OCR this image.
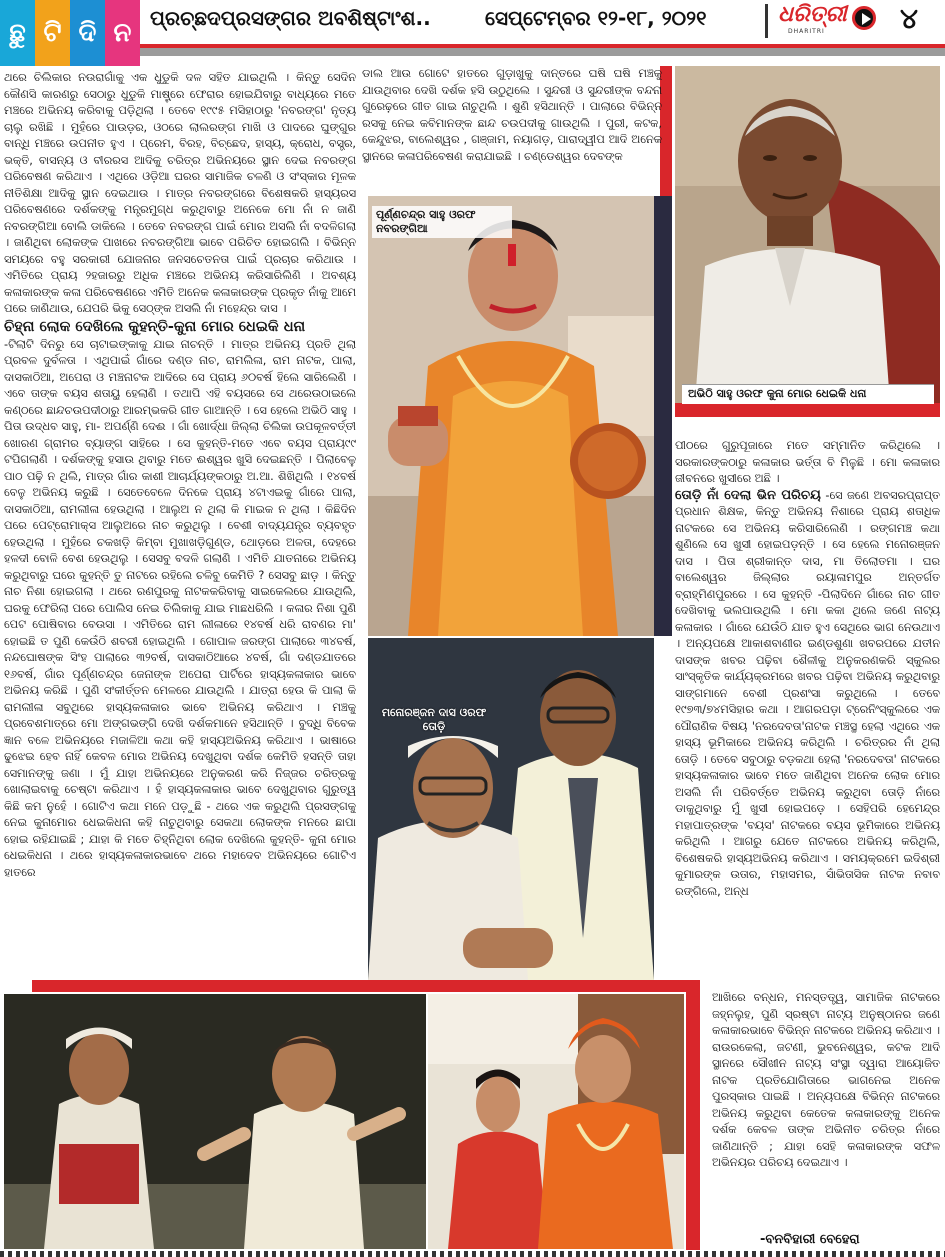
ଛୁ ଟି ଦି ନ ପ୍ରଚ୍ଛଦପ୍ରସଙ୍ଗର ଅବଶିଷ୍ଟାଂଶ..	ସେପ୍ଟେମ୍ବର ୧୨-୧୮, ୨୦୨୧	ଧରିତ୍ରୀ
DHARITRI	୪

ଥରେ ଚିଲିକାର ନଉରାଗାଁକୁ ଏକ ଧୁଡୁକି ଦଳ ସହିତ ଯାଇଥିଲି । କିନ୍ତୁ ସେଦିନ କୌଣସି କାରଣରୁ ସେଠାରୁ ଧୁଡୁକି ମାଷ୍ଟ୍ରେ ଫେରାର ହୋଇଯିବାରୁ ବାଧ୍ୟରେ ମତେ ମଞ୍ଚରେ ଅଭିନୟ କରିବାକୁ ପଡ଼ିଥିଲା । ତେବେ ୧୯୯୫ ମସିହାଠାରୁ 'ନବରଙ୍ଗ' ନୃତ୍ୟ ଚାଲୁ ରଖିଛି । ମୁହଁରେ ପାଉଡ଼ର, ଓଠରେ ଲାଲରଙ୍ଗ ମାଖି ଓ ପାଦରେ ଘୁଙ୍ଗୁର ବାନ୍ଧି ମଞ୍ଚରେ ଉପନୀତ ହୁଏ । ପ୍ରେମ, ବିରହ, ବିଚ୍ଛେଦ, ହାସ୍ୟ, କ୍ରୋଧ, ବସ୍ତ୍ର, ଭକ୍ତି, ବାସନ୍ୟ ଓ ବୀରରସ ଆଦିକୁ ଚରିତ୍ର ଅଭିନୟରେ ସ୍ଥାନ ଦେଇ ନବରଙ୍ଗ ପରିବେଷଣ କରିଥାଏ । ଏଥିରେ ଓଡ଼ିଆ ଘରର ସାମାଜିକ ଚଳଣି ଓ ସଂସ୍କାର ମୂଳକ ନୀତିଶିକ୍ଷା ଆଦିକୁ ସ୍ଥାନ ଦେଇଥାଉ । ମାତ୍ର ନବରଙ୍ଗରେ ବିଶେଷକରି ହାସ୍ୟରସ ପରିବେଷଣରେ ଦର୍ଶକଙ୍କୁ ମନ୍ତ୍ରମୁଗ୍ଧ କରୁଥିବାରୁ ଅନେକେ ମୋ ନାଁ ନ ଜାଣି ନବରଙ୍ଗିଆ ବୋଲି ଡାକିଲେ । ତେବେ ନବରଙ୍ଗ ପାଇଁ ମୋର ଅସଲି ନାଁ ବଦଳିଗଲା । ଜାଣିଥିବା ଲୋକଙ୍କ ପାଖରେ ନବରଙ୍ଗିଆ ଭାବେ ପରିଚିତ ହୋଇଗଲି । ବିଭିନ୍ନ ସମୟରେ ବହୁ ସରକାରୀ ଯୋଜନାର ଜନସଚେତନତା ପାଇଁ ପ୍ରଚାର କରିଥାଉ । ଏମିତିରେ ପ୍ରାୟ ୨ହଜାରରୁ ଅଧିକ ମଞ୍ଚରେ ଅଭିନୟ କରିସାରିଲିଣି । ଅବଶ୍ୟ କଳାକାରଙ୍କ କଳା ପରିବେଷଣରେ ଏମିତି ଅନେକ କଳାକାରଙ୍କ ପ୍ରକୃତ ନାଁକୁ ଆମେ ପରେ ଜାଣିଥାଉ, ଯେପରି ଭିକୁ ସେଠ୍ଙ୍କ ଅସଲି ନାଁ ମହେନ୍ଦ୍ର ଦାସ ।

ଚିହ୍ନା ଲୋକ ଦେଖିଲେ କୁହନ୍ତି-କୁନା ମୋର ଧେଇକି ଧନା

-ଟିଲାଟି ଦିନରୁ ସେ ଚାଟାଇଙ୍କାକୁ ଯାଇ ନାଚନ୍ତି । ମାତ୍ର ଅଭିନୟ ପ୍ରତି ଥିଲା ପ୍ରବଳ ଦୁର୍ବଳତା । ଏଥିପାଇଁ ଗାଁରେ ଦଣ୍ଡ ନାଚ, ରାମଲିଳା, ରାମ ନାଟକ, ପାଲା, ଦାସକାଠିଆ, ଅପେରା ଓ ମଞ୍ଚନାଟକ ଆଦିରେ ସେ ପ୍ରାୟ ୬୦ବର୍ଷ ହିଲେ ସାରିଲେଣି । ଏବେ ତାଙ୍କ ବୟସ ଶତାୟୁ ହେଲାଣି । ତଥାପି ଏହି ବୟସରେ ସେ ଥରେଉଠାଇଲେ କଣ୍ଠରେ ଛାନ୍ଦଚଉପଦୀଠାରୁ ଆରମ୍ଭକରି ଗୀତ ଗାଆନ୍ତି । ସେ ହେଲେ ଅଭିଠି ସାହୁ । ପିତା ଉଦ୍ଧବ ସାହୁ, ମା- ଅପର୍ଣ୍ଣି ଦେଈ । ଗାଁ ଖୋର୍ଦ୍ଧା ଜିଲ୍ଲା ଚିଲିକା ଉପକୂଳବର୍ତ୍ତୀ ଖୋରଣ ଗ୍ରାମର ବ୍ୟାଙ୍ଗ ସାହିରେ । ସେ କୁହନ୍ତି-ମତେ ଏବେ ବୟସ ପ୍ରାୟ୯୯ ଟପିଗଲାଣି । ଦର୍ଶକଙ୍କୁ ହସାଉ ଥିବାରୁ ମତେ ଈଶ୍ୱର ଖୁସି ଦେଇଛନ୍ତି । ପିଲାବେଳୁ ପାଠ ପଢ଼ି ନ ଥିଲି, ମାତ୍ର ଗାଁର କାଶୀ ଆଚାର୍ଯ୍ୟଙ୍କଠାରୁ ଅ.ଆ. ଶିଖିଥିଲି । ୧୪ବର୍ଷ ବେଳୁ ଅଭିନୟ କରୁଛି । ସେତେବେଳେ ଦିନକେ ପ୍ରାୟ ୪ଟାଏଇକୁ ଗାଁରେ ପାଲା, ଦାସକାଠିଆ, ରାମଲୀଳା ହେଉଥିଲା । ଆଲୁଅ ନ ଥିଲା କି ମାଇକ ନ ଥିଲା । କିଛିଦିନ ପରେ ପେଟ୍ରୋମାକ୍ସ ଆଲୁଅରେ ନାଚ କରୁଥିଲୁ । ବେଶୀ ବାଦ୍ୟଯନ୍ତ୍ର ବ୍ୟବହୃତ ହେଉଥିଲା । ମୁହଁରେ ଚକଖଡ଼ି କିମ୍ବା ମୁଖାଖଡ଼ିଗୁଣ୍ଡ, ଥୋଡ଼ରେ ଅଳତା, ଦେହରେ ହଳଦୀ ବୋଳି ବେଶ ହେଉଥିଲୁ । ସେସବୁ ବଦଳି ଗଲାଣି । ଏମିତି ଯାତନାରେ ଅଭିନୟ କରୁଥିବାରୁ ଘରେ କୁହନ୍ତି ତୁ ନାଟରେ ରହିଲେ ଚଳିବୁ କେମିତି ? ସେସବୁ ଛାଡ଼ । କିନ୍ତୁ ନାଚ ନିଶା ହୋଇଗଲା । ଥରେ ରଣପୁରକୁ ନାଟକକରିବାକୁ ସାଇକେଲରେ ଯାଉଥିଲି, ଘରକୁ ଫେରିଲା ପରେ ପୋଲିସ ନେଇ ଚିଲିକାକୁ ଯାଇ ମାଛଧରିଲି । କଳାର ନିଶା ପୁଣି ପେଟ ପୋଷିବାର ବେଉସା । ଏମିତିରେ ରାମ ଲୀଳାରେ ୧୪ବର୍ଷ ଧରି ରାବଣର ମା' ହୋଇଛି ତ ପୁଣି କେଉଁଠି ଶବରୀ ହୋଇଥିଲି । ଗୋପାଳ ଜରଙ୍ଗ ପାଲାରେ ୩୪ବର୍ଷ, ନନ୍ଦଘୋଷଙ୍କ ସିଂହ ପାଲାରେ ୩୨ବର୍ଷ, ଦାସକାଠିଆରେ ୪ବର୍ଷ, ଗାଁ ଦଣ୍ଡଯାତରେ ୧୬ବର୍ଷ, ଗାଁର ପୂର୍ଣ୍ଣଚନ୍ଦ୍ର ଜେନାଙ୍କ ଅପେରା ପାର୍ଟିରେ ହାସ୍ୟକଳାକାର ଭାବେ ଅଭିନୟ କରିଛି । ପୁଣି ସଂକୀର୍ତ୍ତନ ମେଳରେ ଯାଉଥିଲି । ଯାତ୍ରା ହେଉ କି ପାଲା କି ରାମଲୀଳା ସବୁଥିରେ ହାସ୍ୟକଳାକାର ଭାବେ ଅଭିନୟ କରିଥାଏ । ମଞ୍ଚକୁ ପ୍ରବେଶମାତ୍ରେ ମୋ ଅଙ୍ଗଭଙ୍ଗି ଦେଖି ଦର୍ଶକମାନେ ହସିଥାନ୍ତି । ବୁଦ୍ଧି ବିବେକ ଜ୍ଞାନ ବଳେ ଅଭିନୟରେ ମଜାଳିଆ କଥା କହି ହାସ୍ୟଅଭିନୟ କରିଥାଏ । ଭାଷାରେ ଢୁଝେଇ ହେବ ନାହିଁ କେବଳ ମୋର ଅଭିନୟ ଦେଖୁଥିବା ଦର୍ଶକ କେମିତି ହସନ୍ତି ତାହା ସେମାନଙ୍କୁ ଜଣା । ମୁଁ ଯାହା ଅଭିନୟରେ ଅନୁକରଣ କରି ନିଜ୍ଜର ଚରିତ୍ରକୁ ଖୋଲାଇବାକୁ ଚେଷ୍ଟା କରିଥାଏ । ହଁ ହାସ୍ୟକଳାକାର ଭାବେ ଦେଖୁଥିବାର ଗୁରୁତ୍ୱ କିଛି କମ ନୁହେଁ । ଗୋଟିଏ କଥା ମନେ ପଡ଼ୁଛି - ଥରେ ଏକ କରୁଥିଲି ପ୍ରସଙ୍ଗକୁ ନେଇ କୁନାମୋର ଧେଇକିଧନା କହି ନାଚୁଥିବାରୁ ସେକଥା ଲୋକଙ୍କ ମନରେ ଛାପା ହୋଇ ରହିଯାଇଛି ; ଯାହା କି ମତେ ଚିହ୍ନିଥିବା ଲୋକ ଦେଖିଲେ କୁହନ୍ତି- କୁନା ମୋର ଧେଇକିଧନା । ଥରେ ହାସ୍ୟକଳାକାରଭାବେ ଥରେ ମହାଦେବ ଅଭିନୟରେ ଗୋଟିଏ ହାତରେ

ଡାଲ ଆଉ ଗୋଟେ ହାତରେ ଗୁଡ଼ାଖୁକୁ ଦାନ୍ତରେ ଘଷି ଘଷି ମଞ୍ଚକୁ ଯାଉଥିବାର ଦେଖି ଦର୍ଶକ ହସି ଉଠୁଥିଲେ । ସୁନ୍ଦରୀ ଓ ସୁନ୍ଦରୀଙ୍କ ବନ୍ଦନା ଗୁରେଢ଼ରେ ଗୀତ ଗାଇ ନାଚୁଥିଲି । ଶୁଣି ହସିଥାନ୍ତି । ପାଲାରେ ବିଭିନ୍ନ ରସକୁ ନେଇ କବିମାନଙ୍କ ଛାନ୍ଦ ଚଉପଦୀକୁ ଗାଉଥିଲି । ପୁରୀ, କଟକ, କେନ୍ଦୁଝର, ବାଲେଶ୍ୱର , ଗଞ୍ଜାମ, ନୟାଗଡ଼, ପାରାଦ୍ୱୀପ ଆଦି ଅନେକ ସ୍ଥାନରେ କଳାପରିବେଷଣ କରାଯାଇଛି । ଚଣ୍ଡେଶ୍ୱର ଦେବଙ୍କ

ଅଭିଠି ସାହୁ ଓରଫ କୁନା ମୋର ଧେଇକି ଧନା
ପୂର୍ଣ୍ଣଚନ୍ଦ୍ର ସାହୁ ଓରଫ ନବରଙ୍ଗିଆ
ମନୋରଞ୍ଜନ ଦାସ ଓରଫ ତୋଡ଼ି

ପୀଠରେ ଗୁରୁପୂଜାରେ ମତେ ସମ୍ମାନିତ କରିଥିଲେ । ସରକାରଙ୍କଠାରୁ କଳାକାର ଭର୍ତ୍ତା ବି ମିଳୁଛି । ମୋ କଳାକାର ଜୀବନରେ ଖୁସୀରେ ଅଛି ।

ତୋଡ଼ି ନାଁ ଦେଲା ଭିନ ପରିଚୟ -ସେ ଜଣେ ଅବସରପ୍ରାପ୍ତ ପ୍ରଧାନ ଶିକ୍ଷକ, କିନ୍ତୁ ଅଭିନୟ ନିଶାରେ ପ୍ରାୟ ଶତାଧିକ ନାଟକରେ ସେ ଅଭିନୟ କରିସାରିଲେଣି । ରଙ୍ଗମଞ୍ଚ କଥା ଶୁଣିଲେ ସେ ଖୁସୀ ହୋଇପଡ଼ନ୍ତି । ସେ ହେଲେ ମନୋରଞ୍ଜନ ଦାସ । ପିତା ଶ୍ରୀକାନ୍ତ ଦାସ, ମା ତିଲୋତମା । ଘର ବାଲେଶ୍ୱର ଜିଲ୍ଲାର ରୟାଳାମପୁର ଅନ୍ତର୍ଗତ ବ୍ରାହ୍ମିଣପୁରରେ । ସେ କୁହନ୍ତି -ପିଲାଦିନେ ଗାଁରେ ନାଚ ଗୀତ ଦେଖିବାକୁ ଭଲପାଉଥିଲି । ମୋ କକା ଥିଲେ ଜଣେ ନାଟ୍ୟ କଳାକାର । ଗାଁରେ ଯେଉଁଠି ଯାତ ହୁଏ ସେଥିରେ ଭାଗ ନେଉଥାଏ । ଅନ୍ୟପକ୍ଷେ ଆକାଶବାଣୀର ଇଣ୍ଡଶୁଣା ଖବରପରେ ଯତୀନ ଦାସଙ୍କ ଖବର ପଢ଼ିବା ଶୈଳୀକୁ ଅନୁକରଣକରି ସ୍କୁଲର ସାଂସ୍କୃତିକ କାର୍ଯ୍ୟକ୍ରମରେ ଖବର ପଢ଼ିବା ଅଭିନୟ କରୁଥିବାରୁ ସାଙ୍ଗମାନେ ବେଶୀ ପ୍ରଶଂସା କରୁଥିଲେ । ତେବେ ୧୯୭୩/୭୪ମସିହାର କଥା । ଆଗରପଡ଼ା ଟ୍ରେନିଂସ୍କୁଲରେ ଏକ ପୌରାଣିକ ବିଷୟ 'ନରଦେବତା'ନାଟକ ମଞ୍ଚସ୍ଥ ହେଲା ଏଥିରେ ଏକ ହାସ୍ୟ ଭୂମିକାରେ ଅଭିନୟ କରିଥିଲି । ଚରିତ୍ରର ନାଁ ଥିଲା ତୋଡ଼ି । ତେବେ ସବୁଠାରୁ ବଡ଼କଥା ହେଲା 'ନରଦେବତା' ନାଟକରେ ହାସ୍ୟକଳାକାର ଭାବେ ମତେ ଜାଣିଥିବା ଅନେକ ଲୋକ ମୋର ଅସଲି ନାଁ ପରିବର୍ତ୍ତେ ଅଭିନୟ କରୁଥିବା ତୋଡ଼ି ନାଁରେ ଡାକୁଥିବାରୁ ମୁଁ ଖୁସୀ ହୋଇପଡ଼େ । ସେହିପରି ହେମେନ୍ଦ୍ର ମହାପାତ୍ରଙ୍କ 'ବୟସ' ନାଟକରେ ବୟସ ଭୂମିକାରେ ଅଭିନୟ କରିଥିଲି । ଆଗରୁ ଯେତେ ନାଟକରେ ଅଭିନୟ କରିଥିଲି, ବିଶେଷକରି ହାସ୍ୟଅଭିନୟ କରିଥାଏ । ସମୟକ୍ରମେ ଇଦିଶ୍ରୀ କୁମାରଙ୍କ ଉତାର, ମହାସମର, ସାଁଭିତାସିକ ନାଟକ ନବାବ ରଙ୍ଗିଲେ, ଅନ୍ଧ

ଆଖିରେ ବନ୍ଧନ, ମନସ୍ତତ୍ତ୍ୱ, ସାମାଜିକ ନାଟକରେ ଜହ୍ନଲୁହ, ପୁଣି ସ୍ରଷ୍ଟା ନାଟ୍ୟ ଅନୁଷ୍ଠାନର ଜଣେ କଳାକାରଭାବେ ବିଭିନ୍ନ ନାଟକରେ ଅଭିନୟ କରିଥାଏ । ରାଉରକେଲା, ଜଟଣୀ, ଭୁବନେଶ୍ୱର, କଟକ ଆଦି ସ୍ଥାନରେ ସୌଖୀନ ନାଟ୍ୟ ସଂସ୍ଥା ଦ୍ୱାରା ଆୟୋଜିତ ନାଟକ ପ୍ରତିଯୋଗିତାରେ ଭାଗନେଇ ଅନେକ ପୁରସ୍କାର ପାଇଛି । ଅନ୍ୟପକ୍ଷେ ବିଭିନ୍ନ ନାଟକରେ ଅଭିନୟ କରୁଥିବା କେତେକ କଳାକାରଙ୍କୁ ଅନେକ ଦର୍ଶକ କେବଳ ତାଙ୍କ ଅଭିନୀତ ଚରିତ୍ର ନାଁରେ ଜାଣିଥାନ୍ତି ; ଯାହା ସେହି କଳାକାରଙ୍କ ସଫଳ ଅଭିନୟର ପରିଚୟ ଦେଇଥାଏ ।

-ବନବିହାରୀ ବେହେରା
